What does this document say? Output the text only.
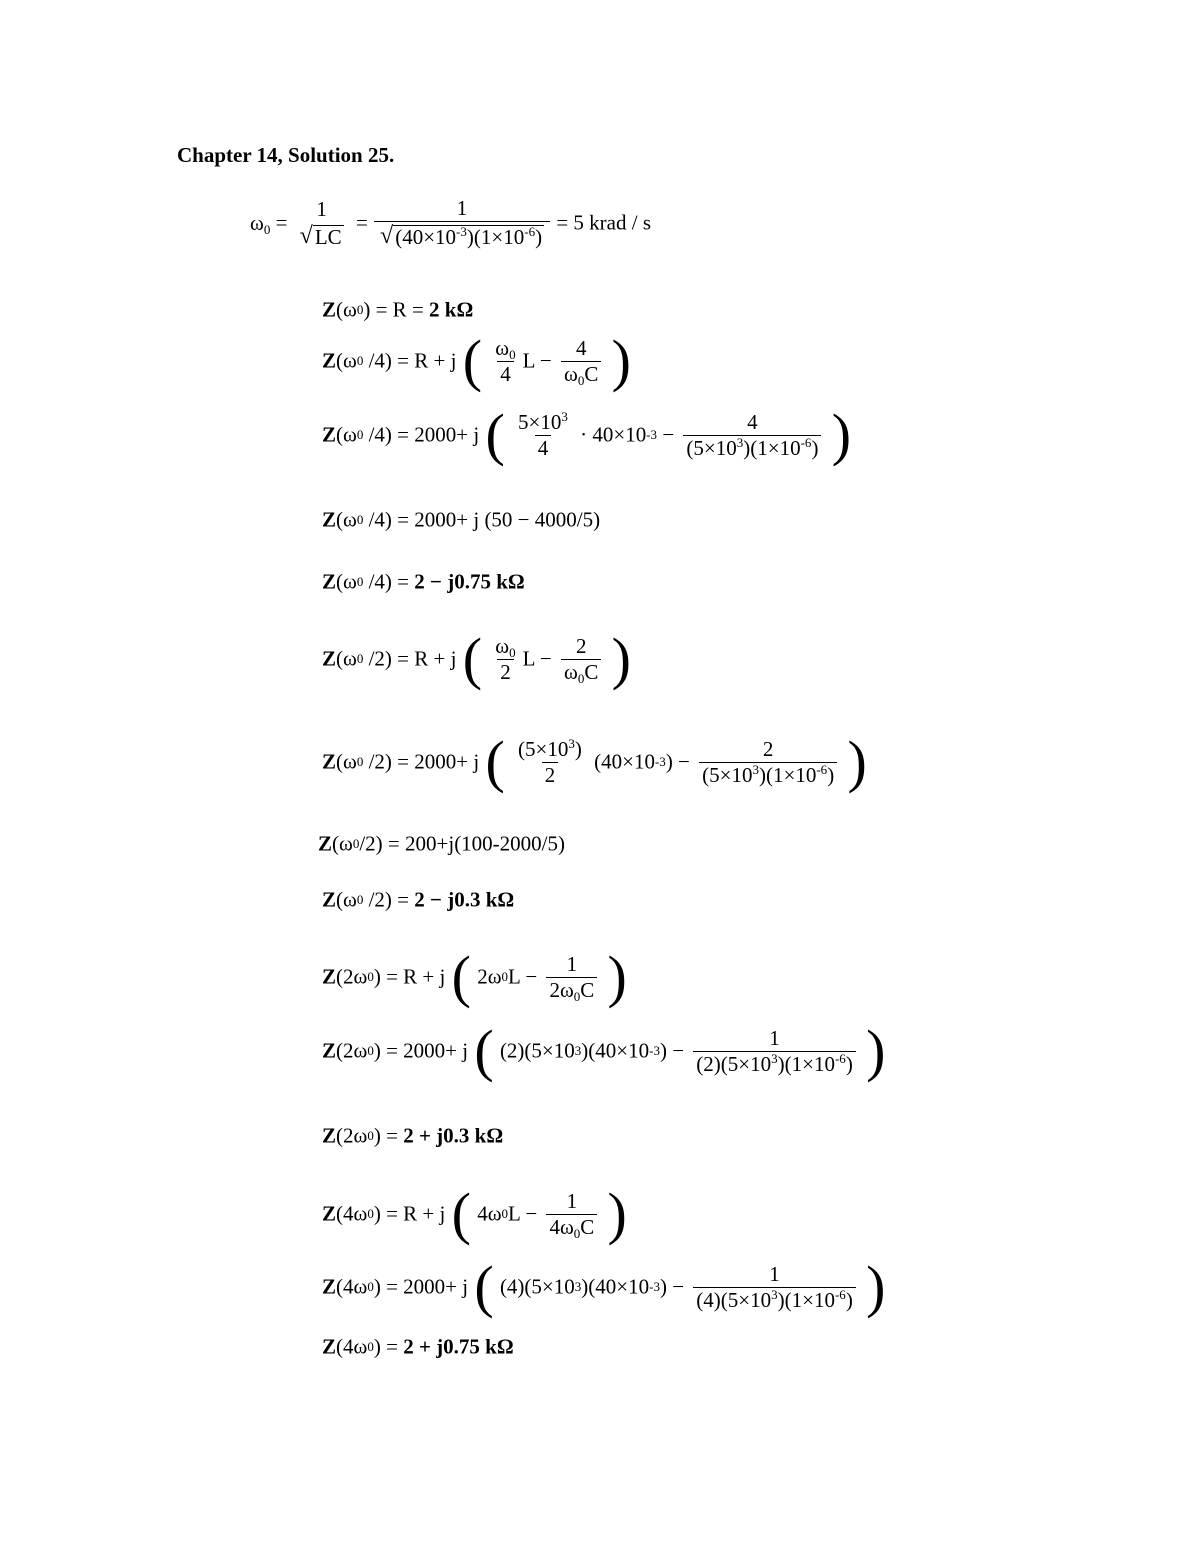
Chapter 14, Solution 25.
$\omega_0$ =
1
√ LC
= $\frac{1}{√ (40\times 10^{-3})(1\times 10^{-6})} = 5$ krad / s
Z(ω0) = R = 2 kΩ
Z(ω0 /4) = R + j ( $\frac{\omega_0}{4}$ $L - \frac{4}{\omega_0C}$ )
Z(ω0 /4) = 2000+ j ( $\frac{5\times 10^3}{4} \cdot 40\times 10-3 - \frac{4}{(5\times 10^3)(1\times 10^{-6})}$ )
Z(ω0 /4) = 2000+ j (50 − 4000/5)
Z(ω0 /4) = 2 − j0.75 kΩ
Z(ω0 /2) = R + j ( $\frac{\omega_0}{2}$ $L - \frac{2}{\omega_0C}$ )
Z(ω0 /2) = 2000+ j ( $\frac{(5\times 10^3)}{2} (40\times 10-3) - \frac{2}{(5\times 10^3)(1\times 10^{-6})}$ )
Z(ω0/2) = 200+j(100-2000/5)
Z(ω0 /2) = 2 − j0.3 kΩ
Z(2ω0) = R + j ( $2\omega 0L - \frac{1}{2\omega_0C}$ )
Z(2ω0) = 2000+ j ( $(2)(5\times 103)(40\times 10-3) - \frac{1}{(2)(5\times 10^3)(1\times 10^{-6})}$ )
Z(2ω0) = 2 + j0.3 kΩ
Z(4ω0) = R + j ( $4\omega 0L - \frac{1}{4\omega_0C}$ )
Z(4ω0) = 2000+ j ( $(4)(5\times 103)(40\times 10-3) - \frac{1}{(4)(5\times 10^3)(1\times 10^{-6})}$ )
Z(4ω0) = 2 + j0.75 kΩ
